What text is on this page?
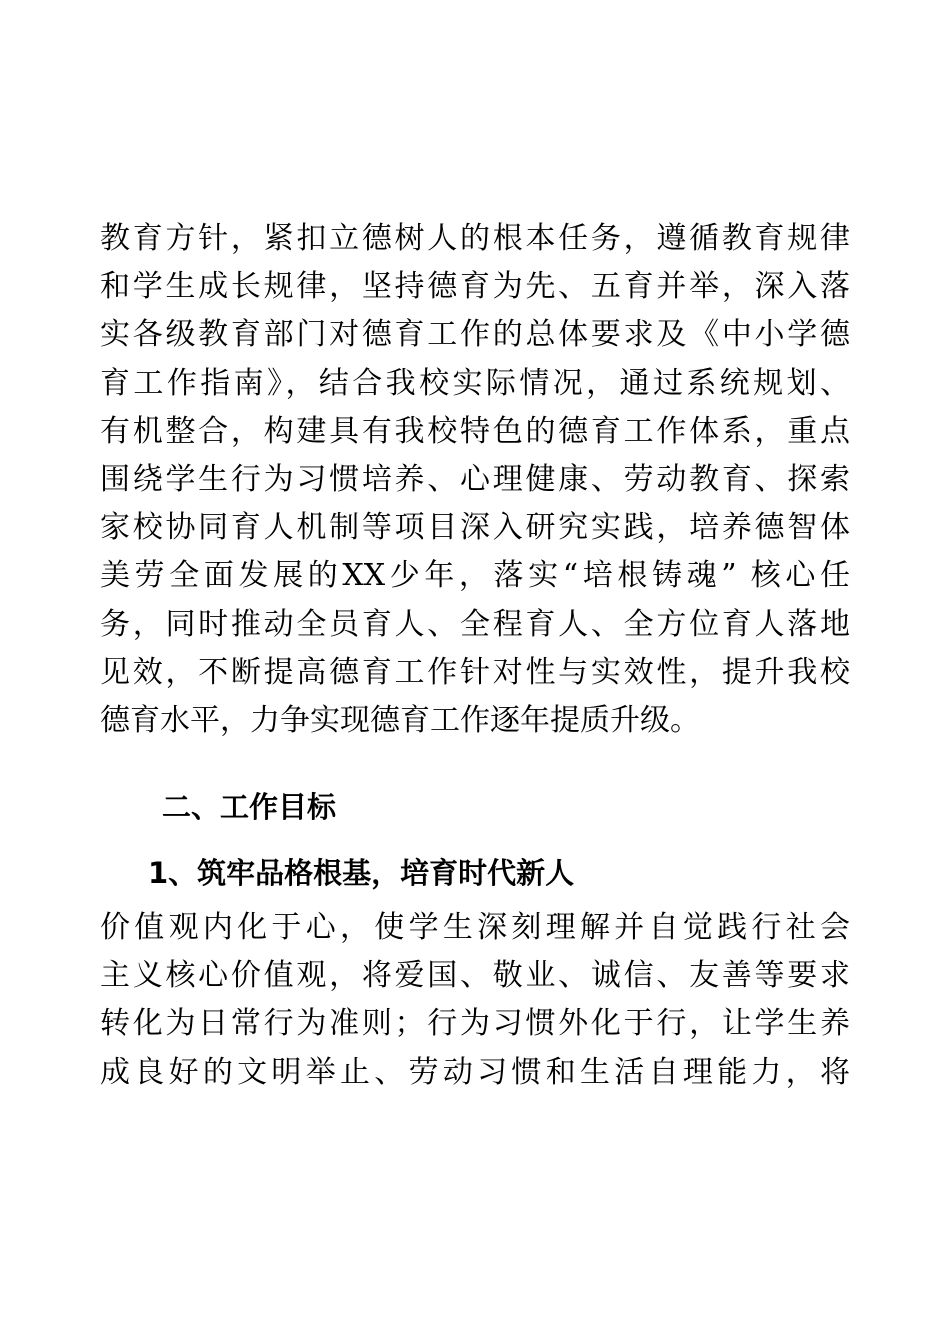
教育方针，紧扣立德树人的根本任务，遵循教育规律
和学生成长规律，坚持德育为先、五育并举，深入落
实各级教育部门对德育工作的总体要求及《中小学德
育工作指南》，结合我校实际情况，通过系统规划、
有机整合，构建具有我校特色的德育工作体系，重点
围绕学生行为习惯培养、心理健康、劳动教育、探索
家校协同育人机制等项目深入研究实践，培养德智体
美劳全面发展的XX少年，落实“培根铸魂” 核心任
务，同时推动全员育人、全程育人、全方位育人落地
见效，不断提高德育工作针对性与实效性，提升我校
德育水平，力争实现德育工作逐年提质升级。
二、工作目标
1、筑牢品格根基，培育时代新人
价值观内化于心，使学生深刻理解并自觉践行社会
主义核心价值观，将爱国、敬业、诚信、友善等要求
转化为日常行为准则；行为习惯外化于行，让学生养
成良好的文明举止、劳动习惯和生活自理能力，将
